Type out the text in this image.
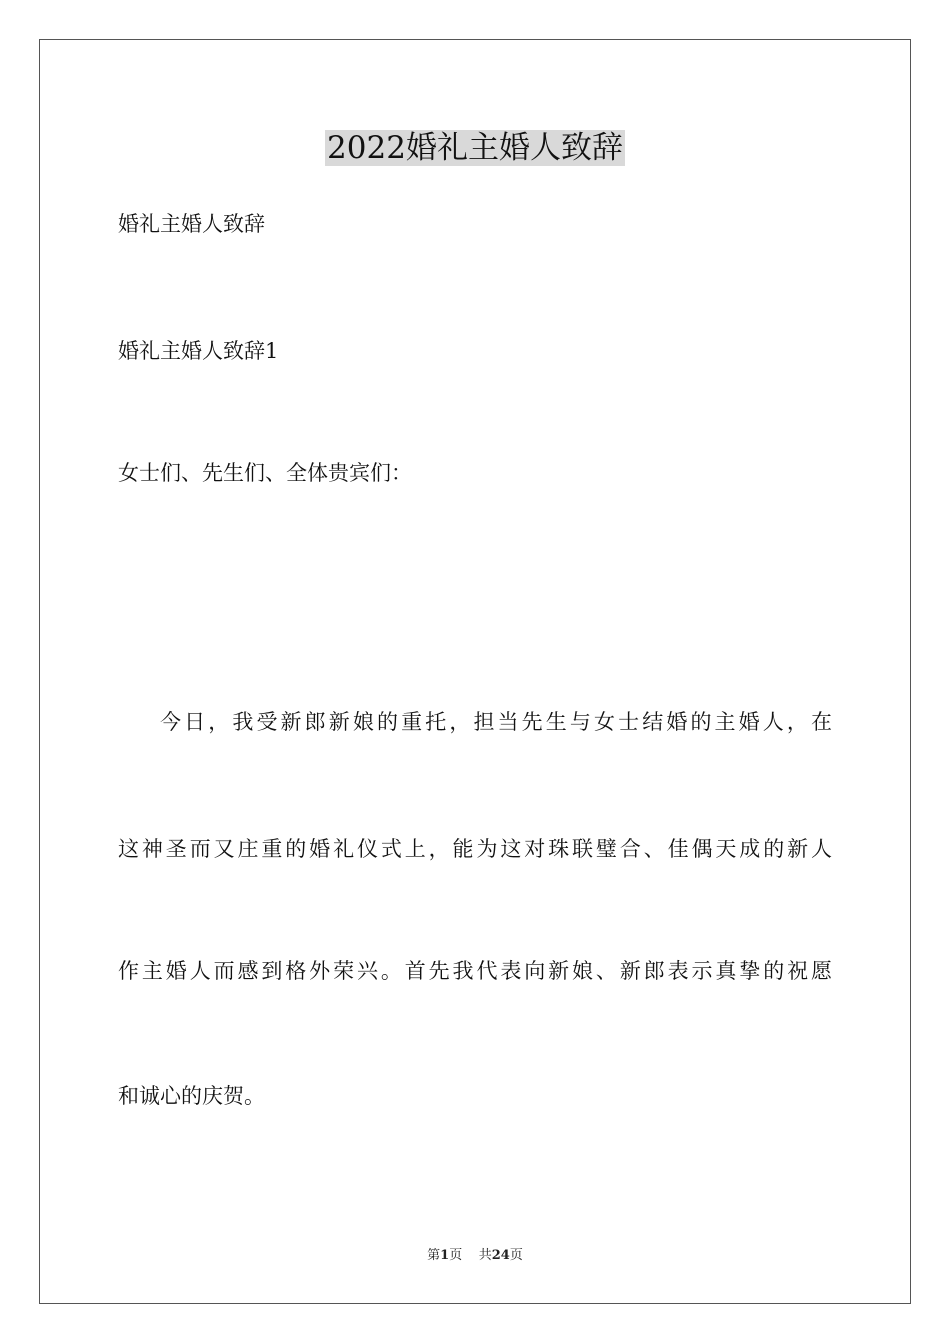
2022婚礼主婚人致辞
婚礼主婚人致辞
婚礼主婚人致辞1
女士们、先生们、全体贵宾们：
今日，我受新郎新娘的重托，担当先生与女士结婚的主婚人，在
这神圣而又庄重的婚礼仪式上，能为这对珠联璧合、佳偶天成的新人
作主婚人而感到格外荣兴。首先我代表向新娘、新郎表示真挚的祝愿
和诚心的庆贺。
第1页 共24页
